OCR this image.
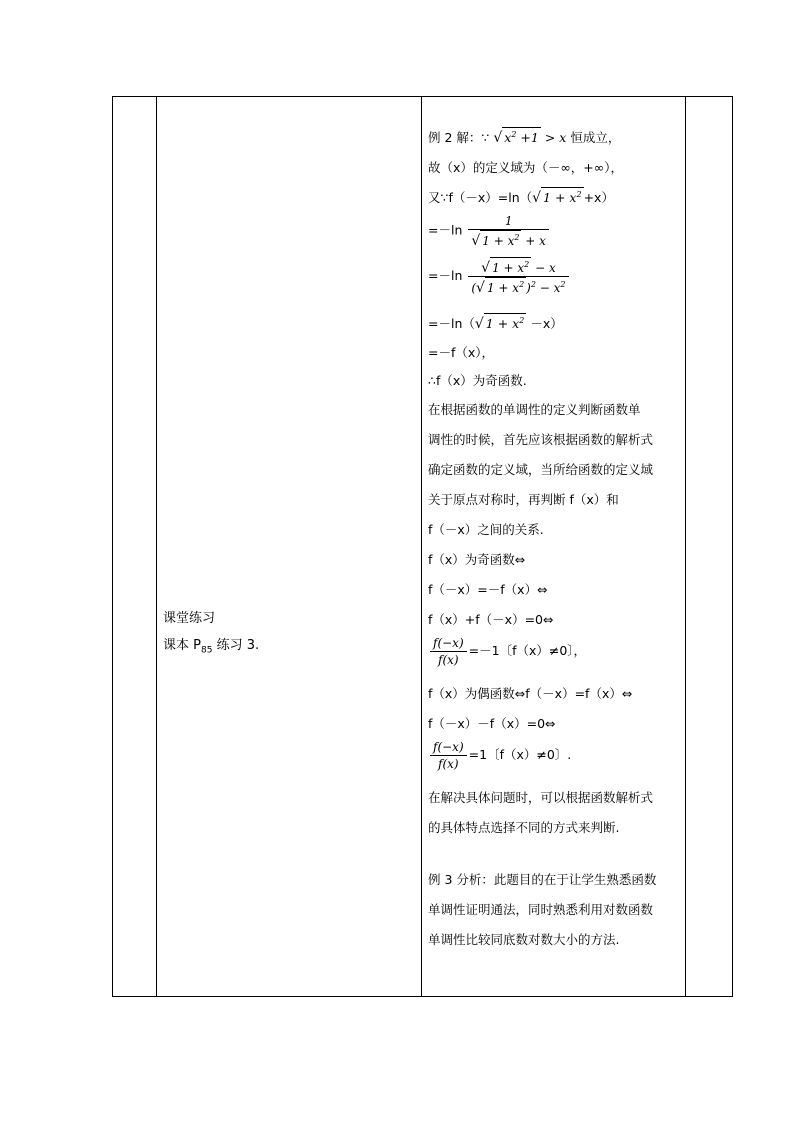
课堂练习
课本 $P_{85}$ 练习 3.
例 2 解：∵ √ $x^2 +1 > x$ 恒成立，
故（x）的定义域为（－∞，+∞），
又∵f（－x）=ln（√ $1 + x^2 +x$）
$=-\ln \frac{1}{√ 1 + x^2 + x}$
$=-\ln \frac{√ 1 + x^2 - x}{(√ 1 + x^2 )^2 - x^2}$
=－ln（√ $1 + x^2 -x$）
=－f（x），
∴f（x）为奇函数.
在根据函数的单调性的定义判断函数单
调性的时候，首先应该根据函数的解析式
确定函数的定义域，当所给函数的定义域
关于原点对称时，再判断 f（x）和
f（－x）之间的关系.
f（x）为奇函数⇔
f（－x）=－f（x）⇔
f（x）+f（－x）=0⇔
$\frac{f(-x)}{f(x)} =-1$〔f（x）≠0〕，
f（x）为偶函数⇔f（－x）=f（x）⇔
f（－x）－f（x）=0⇔
$\frac{f(-x)}{f(x)} =1$〔f（x）≠0〕.
在解决具体问题时，可以根据函数解析式
的具体特点选择不同的方式来判断.
例 3 分析：此题目的在于让学生熟悉函数
单调性证明通法，同时熟悉利用对数函数
单调性比较同底数对数大小的方法.
